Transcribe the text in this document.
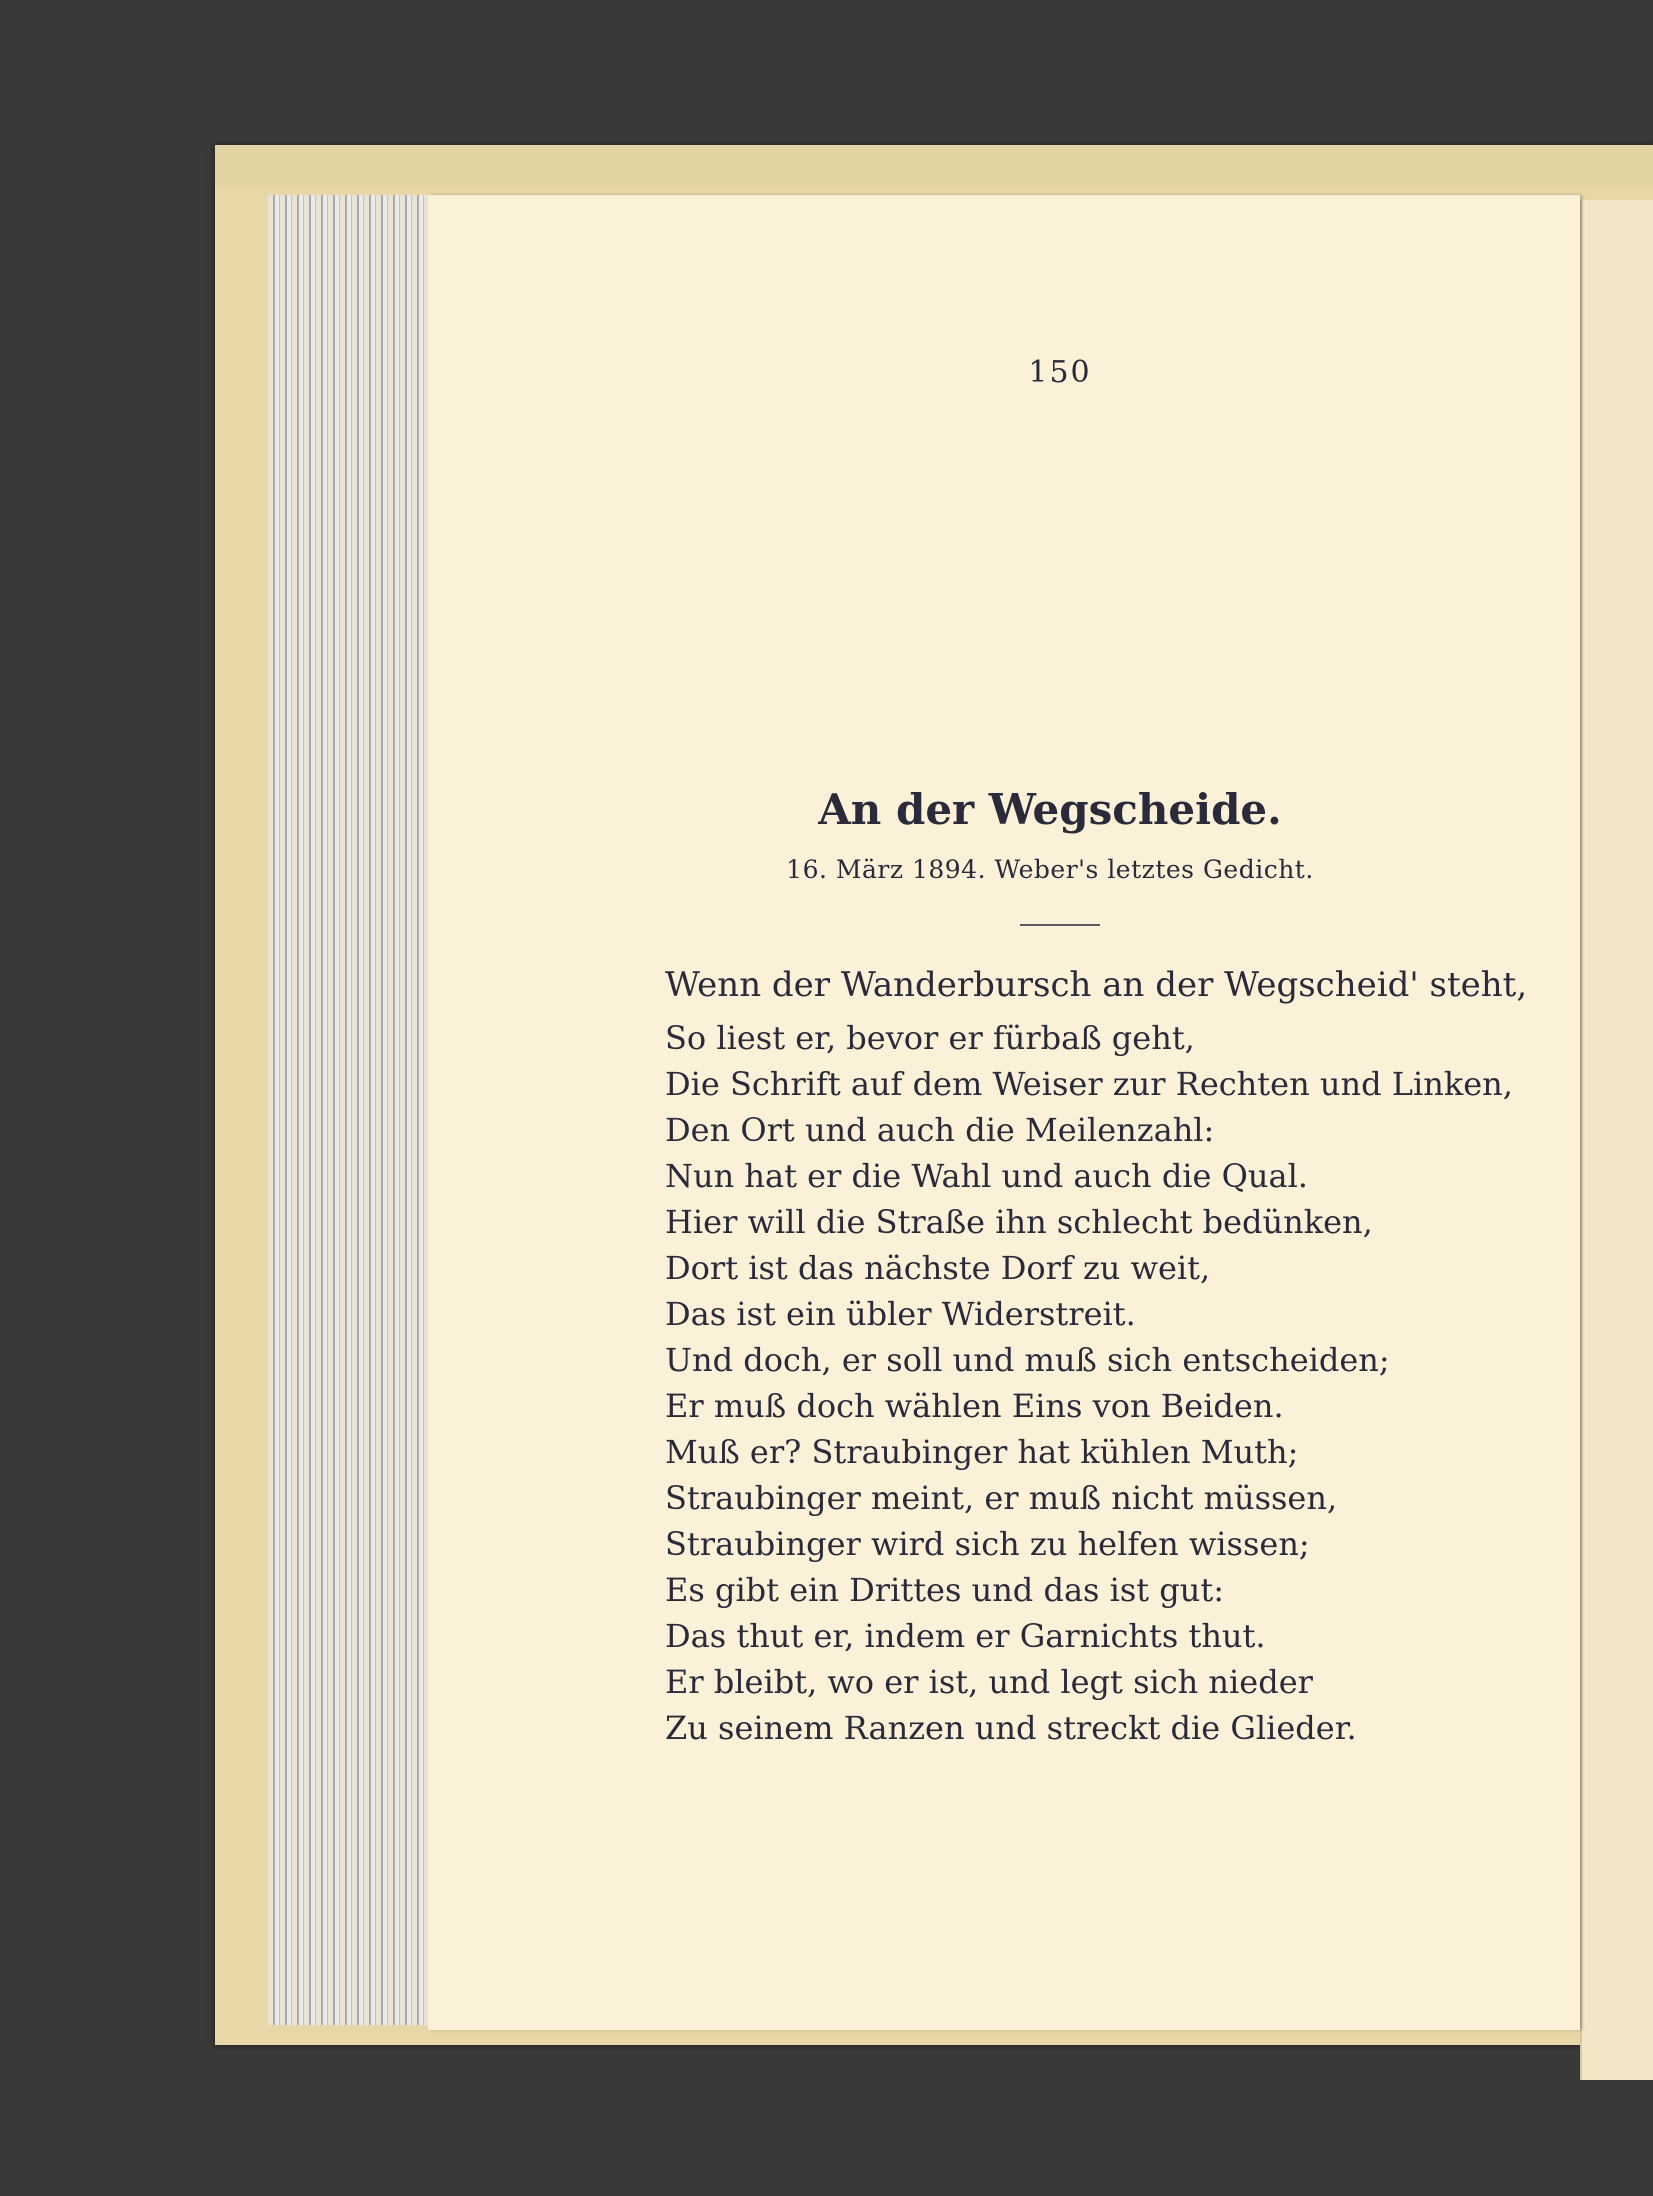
150
An der Wegscheide.
16. März 1894. Weber's letztes Gedicht.
Wenn der Wanderbursch an der Wegscheid' steht,
So liest er, bevor er fürbaß geht,
Die Schrift auf dem Weiser zur Rechten und Linken,
Den Ort und auch die Meilenzahl:
Nun hat er die Wahl und auch die Qual.
Hier will die Straße ihn schlecht bedünken,
Dort ist das nächste Dorf zu weit,
Das ist ein übler Widerstreit.
Und doch, er soll und muß sich entscheiden;
Er muß doch wählen Eins von Beiden.
Muß er? Straubinger hat kühlen Muth;
Straubinger meint, er muß nicht müssen,
Straubinger wird sich zu helfen wissen;
Es gibt ein Drittes und das ist gut:
Das thut er, indem er Garnichts thut.
Er bleibt, wo er ist, und legt sich nieder
Zu seinem Ranzen und streckt die Glieder.
